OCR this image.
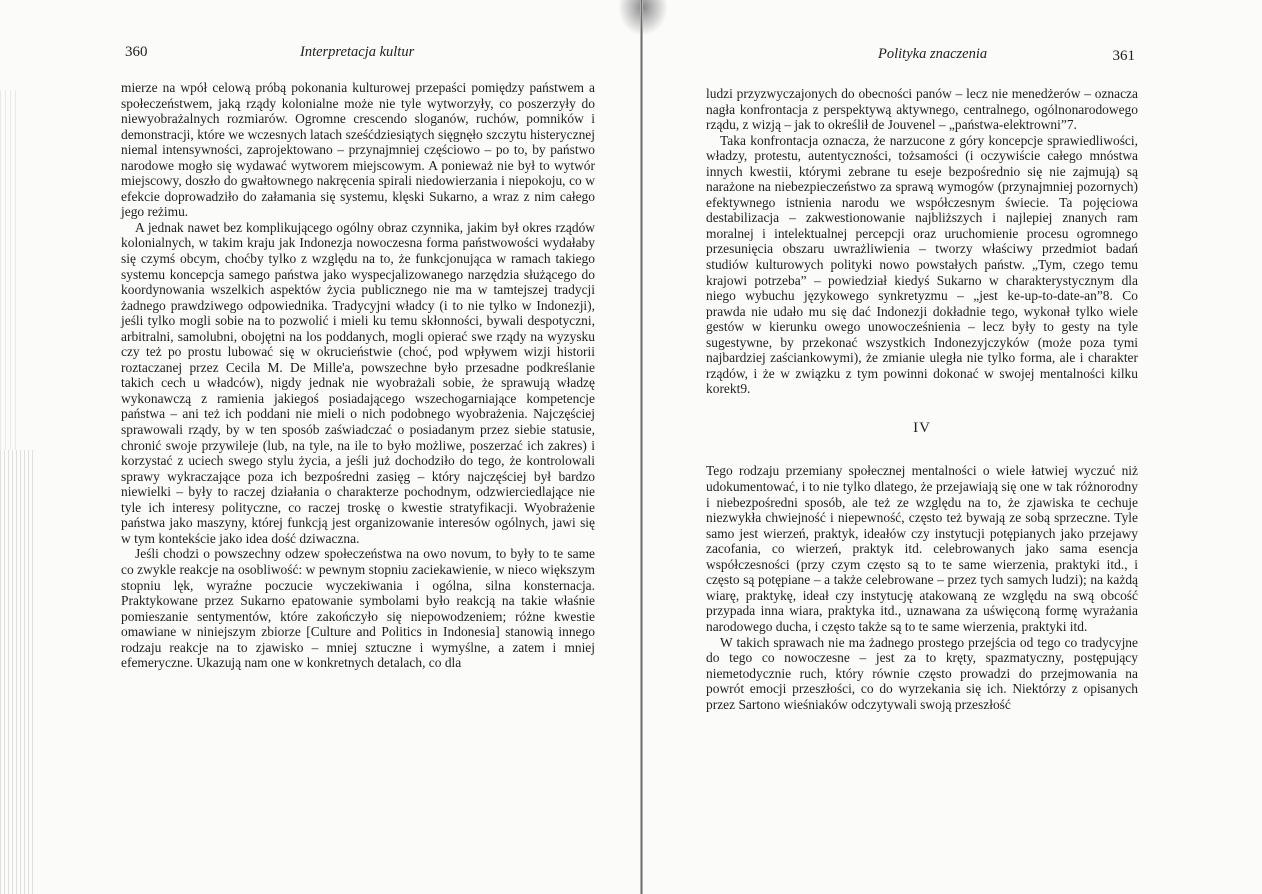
360	Interpretacja kultur	Polityka znaczenia	361

mierze na wpół celową próbą pokonania kulturowej przepaści pomiędzy państwem a społeczeństwem, jaką rządy kolonialne może nie tyle wytworzyły, co poszerzyły do niewyobrażalnych rozmiarów. Ogromne crescendo sloganów, ruchów, pomników i demonstracji, które we wczesnych latach sześćdziesiątych sięgnęło szczytu histerycznej niemal intensywności, zaprojektowano – przynajmniej częściowo – po to, by państwo narodowe mogło się wydawać wytworem miejscowym. A ponieważ nie był to wytwór miejscowy, doszło do gwałtownego nakręcenia spirali niedowierzania i niepokoju, co w efekcie doprowadziło do załamania się systemu, klęski Sukarno, a wraz z nim całego jego reżimu.

A jednak nawet bez komplikującego ogólny obraz czynnika, jakim był okres rządów kolonialnych, w takim kraju jak Indonezja nowoczesna forma państwowości wydałaby się czymś obcym, choćby tylko z względu na to, że funkcjonująca w ramach takiego systemu koncepcja samego państwa jako wyspecjalizowanego narzędzia służącego do koordynowania wszelkich aspektów życia publicznego nie ma w tamtejszej tradycji żadnego prawdziwego odpowiednika. Tradycyjni władcy (i to nie tylko w Indonezji), jeśli tylko mogli sobie na to pozwolić i mieli ku temu skłonności, bywali despotyczni, arbitralni, samolubni, obojętni na los poddanych, mogli opierać swe rządy na wyzysku czy też po prostu lubować się w okrucieństwie (choć, pod wpływem wizji historii roztaczanej przez Cecila M. De Mille'a, powszechne było przesadne podkreślanie takich cech u władców), nigdy jednak nie wyobrażali sobie, że sprawują władzę wykonawczą z ramienia jakiegoś posiadającego wszechogarniające kompetencje państwa – ani też ich poddani nie mieli o nich podobnego wyobrażenia. Najczęściej sprawowali rządy, by w ten sposób zaświadczać o posiadanym przez siebie statusie, chronić swoje przywileje (lub, na tyle, na ile to było możliwe, poszerzać ich zakres) i korzystać z uciech swego stylu życia, a jeśli już dochodziło do tego, że kontrolowali sprawy wykraczające poza ich bezpośredni zasięg – który najczęściej był bardzo niewielki – były to raczej działania o charakterze pochodnym, odzwierciedlające nie tyle ich interesy polityczne, co raczej troskę o kwestie stratyfikacji. Wyobrażenie państwa jako maszyny, której funkcją jest organizowanie interesów ogólnych, jawi się w tym kontekście jako idea dość dziwaczna.

Jeśli chodzi o powszechny odzew społeczeństwa na owo novum, to były to te same co zwykle reakcje na osobliwość: w pewnym stopniu zaciekawienie, w nieco większym stopniu lęk, wyraźne poczucie wyczekiwania i ogólna, silna konsternacja. Praktykowane przez Sukarno epatowanie symbolami było reakcją na takie właśnie pomieszanie sentymentów, które zakończyło się niepowodzeniem; różne kwestie omawiane w niniejszym zbiorze [Culture and Politics in Indonesia] stanowią innego rodzaju reakcje na to zjawisko – mniej sztuczne i wymyślne, a zatem i mniej efemeryczne. Ukazują nam one w konkretnych detalach, co dla

ludzi przyzwyczajonych do obecności panów – lecz nie menedżerów – oznacza nagła konfrontacja z perspektywą aktywnego, centralnego, ogólnonarodowego rządu, z wizją – jak to określił de Jouvenel – „państwa-elektrowni”7.

Taka konfrontacja oznacza, że narzucone z góry koncepcje sprawiedliwości, władzy, protestu, autentyczności, tożsamości (i oczywiście całego mnóstwa innych kwestii, którymi zebrane tu eseje bezpośrednio się nie zajmują) są narażone na niebezpieczeństwo za sprawą wymogów (przynajmniej pozornych) efektywnego istnienia narodu we współczesnym świecie. Ta pojęciowa destabilizacja – zakwestionowanie najbliższych i najlepiej znanych ram moralnej i intelektualnej percepcji oraz uruchomienie procesu ogromnego przesunięcia obszaru uwrażliwienia – tworzy właściwy przedmiot badań studiów kulturowych polityki nowo powstałych państw. „Tym, czego temu krajowi potrzeba” – powiedział kiedyś Sukarno w charakterystycznym dla niego wybuchu językowego synkretyzmu – „jest ke-up-to-date-an”8. Co prawda nie udało mu się dać Indonezji dokładnie tego, wykonał tylko wiele gestów w kierunku owego unowocześnienia – lecz były to gesty na tyle sugestywne, by przekonać wszystkich Indonezyjczyków (może poza tymi najbardziej zaściankowymi), że zmianie uległa nie tylko forma, ale i charakter rządów, i że w związku z tym powinni dokonać w swojej mentalności kilku korekt9.

IV

Tego rodzaju przemiany społecznej mentalności o wiele łatwiej wyczuć niż udokumentować, i to nie tylko dlatego, że przejawiają się one w tak różnorodny i niebezpośredni sposób, ale też ze względu na to, że zjawiska te cechuje niezwykła chwiejność i niepewność, często też bywają ze sobą sprzeczne. Tyle samo jest wierzeń, praktyk, ideałów czy instytucji potępianych jako przejawy zacofania, co wierzeń, praktyk itd. celebrowanych jako sama esencja współczesności (przy czym często są to te same wierzenia, praktyki itd., i często są potępiane – a także celebrowane – przez tych samych ludzi); na każdą wiarę, praktykę, ideał czy instytucję atakowaną ze względu na swą obcość przypada inna wiara, praktyka itd., uznawana za uświęconą formę wyrażania narodowego ducha, i często także są to te same wierzenia, praktyki itd.

W takich sprawach nie ma żadnego prostego przejścia od tego co tradycyjne do tego co nowoczesne – jest za to kręty, spazmatyczny, postępujący niemetodycznie ruch, który równie często prowadzi do przejmowania na powrót emocji przeszłości, co do wyrzekania się ich. Niektórzy z opisanych przez Sartono wieśniaków odczytywali swoją przeszłość
